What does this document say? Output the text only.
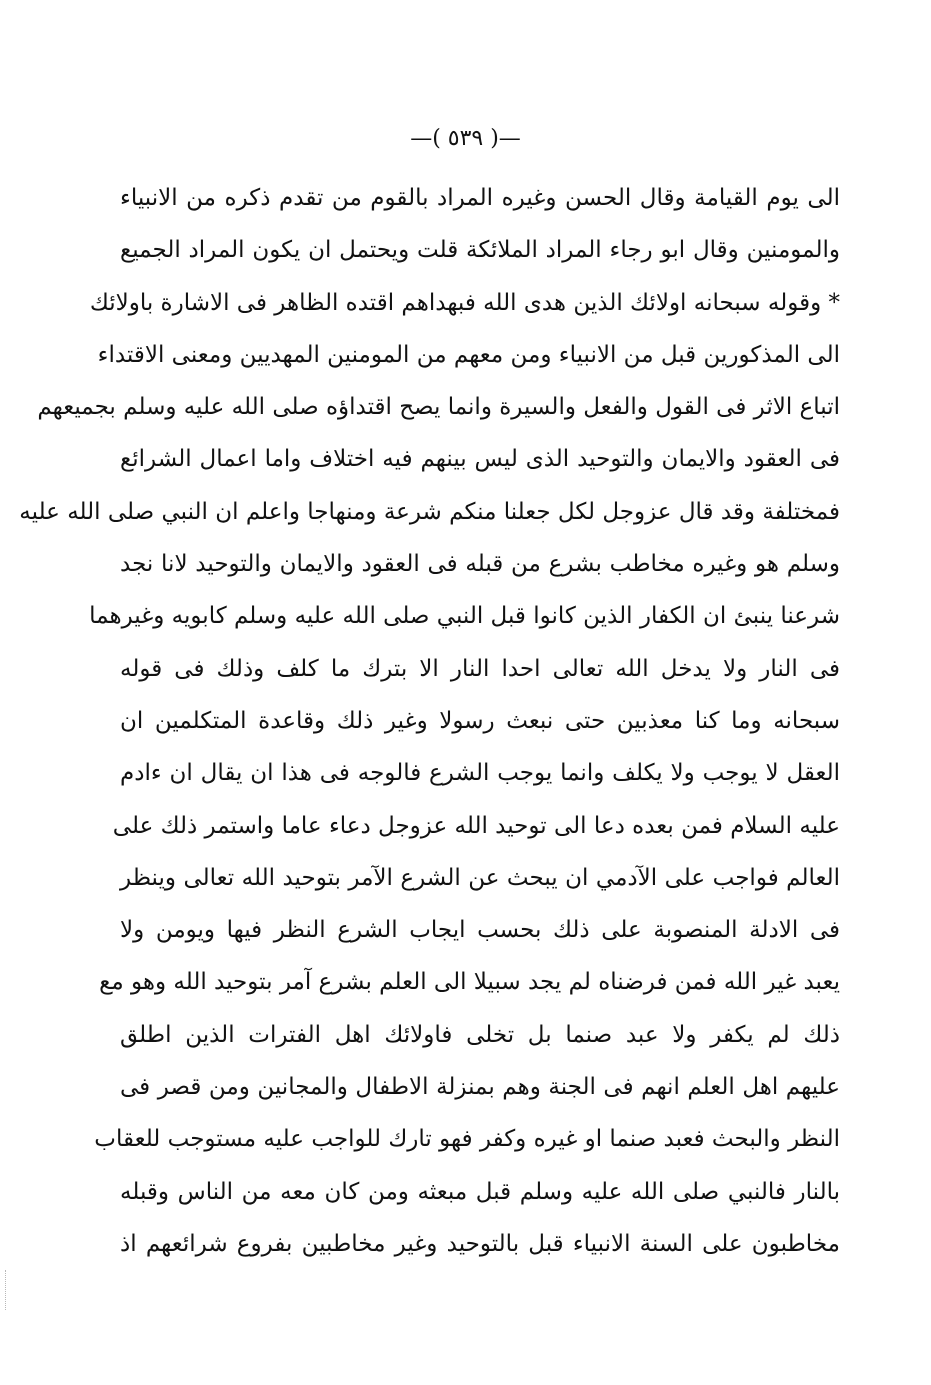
—( ٥٣٩ )—
الى يوم القيامة وقال الحسن وغيره المراد بالقوم من تقدم ذكره من الانبياء
والمومنين وقال ابو رجاء المراد الملائكة قلت ويحتمل ان يكون المراد الجميع
* وقوله سبحانه اولائك الذين هدى الله فبهداهم اقتده الظاهر فى الاشارة باولائك
الى المذكورين قبل من الانبياء ومن معهم من المومنين المهديين ومعنى الاقتداء
اتباع الاثر فى القول والفعل والسيرة وانما يصح اقتداؤه صلى الله عليه وسلم بجميعهم
فى العقود والايمان والتوحيد الذى ليس بينهم فيه اختلاف واما اعمال الشرائع
فمختلفة وقد قال عزوجل لكل جعلنا منكم شرعة ومنهاجا واعلم ان النبي صلى الله عليه
وسلم هو وغيره مخاطب بشرع من قبله فى العقود والايمان والتوحيد لانا نجد
شرعنا ينبئ ان الكفار الذين كانوا قبل النبي صلى الله عليه وسلم كابويه وغيرهما
فى النار ولا يدخل الله تعالى احدا النار الا بترك ما كلف وذلك فى قوله
سبحانه وما كنا معذبين حتى نبعث رسولا وغير ذلك وقاعدة المتكلمين ان
العقل لا يوجب ولا يكلف وانما يوجب الشرع فالوجه فى هذا ان يقال ان ءادم
عليه السلام فمن بعده دعا الى توحيد الله عزوجل دعاء عاما واستمر ذلك على
العالم فواجب على الآدمي ان يبحث عن الشرع الآمر بتوحيد الله تعالى وينظر
فى الادلة المنصوبة على ذلك بحسب ايجاب الشرع النظر فيها ويومن ولا
يعبد غير الله فمن فرضناه لم يجد سبيلا الى العلم بشرع آمر بتوحيد الله وهو مع
ذلك لم يكفر ولا عبد صنما بل تخلى فاولائك اهل الفترات الذين اطلق
عليهم اهل العلم انهم فى الجنة وهم بمنزلة الاطفال والمجانين ومن قصر فى
النظر والبحث فعبد صنما او غيره وكفر فهو تارك للواجب عليه مستوجب للعقاب
بالنار فالنبي صلى الله عليه وسلم قبل مبعثه ومن كان معه من الناس وقبله
مخاطبون على السنة الانبياء قبل بالتوحيد وغير مخاطبين بفروع شرائعهم اذ
